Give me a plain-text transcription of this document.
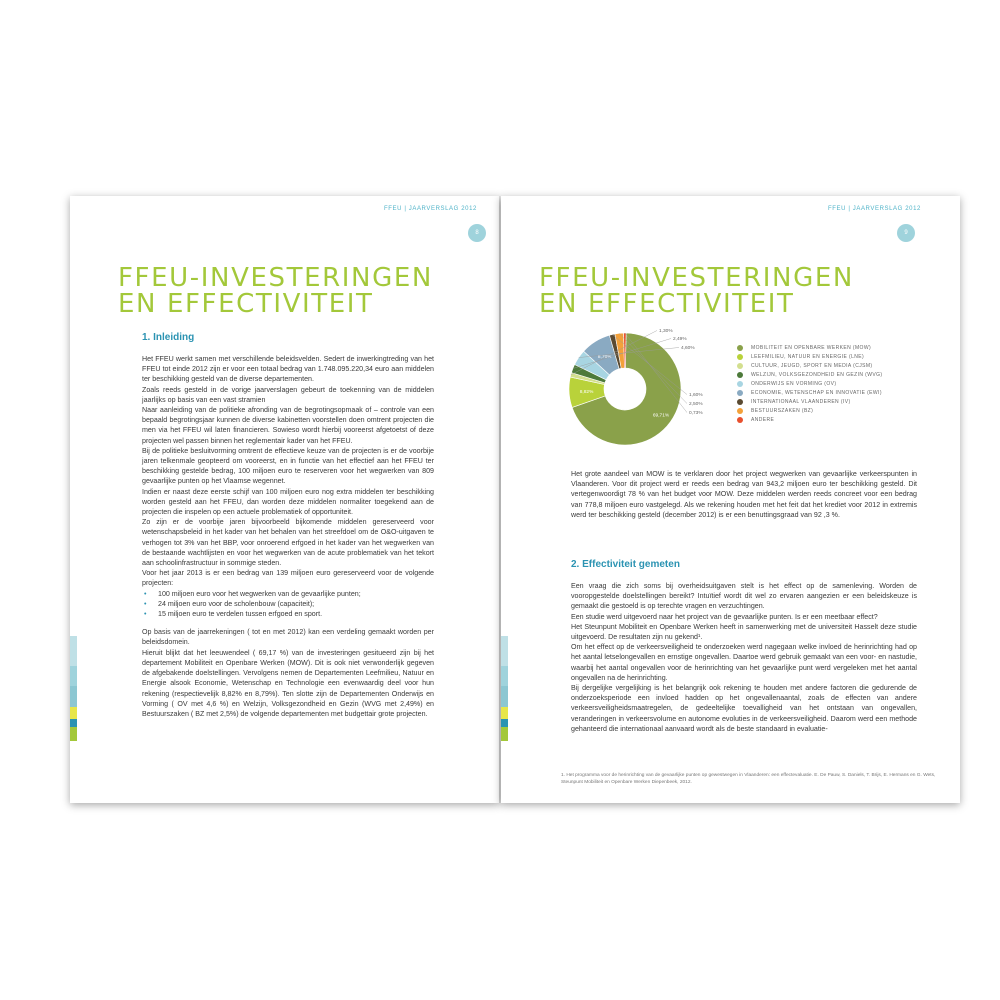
FFEU | JAARVERSLAG 2012
8
FFEU-INVESTERINGEN
EN EFFECTIVITEIT
1. Inleiding

Het FFEU werkt samen met verschillende beleidsvelden. Sedert de inwerkingtreding van het FFEU tot einde 2012 zijn er voor een totaal bedrag van 1.748.095.220,34 euro aan middelen ter beschikking gesteld van de diverse departementen.

Zoals reeds gesteld in de vorige jaarverslagen gebeurt de toekenning van de middelen jaarlijks op basis van een vast stramien

Naar aanleiding van de politieke afronding van de begrotingsopmaak of – controle van een bepaald begrotingsjaar kunnen de diverse kabinetten voorstellen doen omtrent projecten die men via het FFEU wil laten financieren. Sowieso wordt hierbij vooreerst afgetoetst of deze projecten wel passen binnen het reglementair kader van het FFEU.

Bij de politieke besluitvorming omtrent de effectieve keuze van de projecten is er de voorbije jaren telkenmale geopteerd om vooreerst, en in functie van het effectief aan het FFEU ter beschikking gestelde bedrag, 100 miljoen euro te reserveren voor het wegwerken van 809 gevaarlijke punten op het Vlaamse wegennet.

Indien er naast deze eerste schijf van 100 miljoen euro nog extra middelen ter beschikking worden gesteld aan het FFEU, dan worden deze middelen normaliter toegekend aan de projecten die inspelen op een actuele problematiek of opportuniteit.

Zo zijn er de voorbije jaren bijvoorbeeld bijkomende middelen gereserveerd voor wetenschapsbeleid in het kader van het behalen van het streefdoel om de O&O-uitgaven te verhogen tot 3% van het BBP, voor onroerend erfgoed in het kader van het wegwerken van de bestaande wachtlijsten en voor het wegwerken van de acute problematiek van het tekort aan schoolinfrastructuur in sommige steden.

Voor het jaar 2013 is er een bedrag van 139 miljoen euro gereserveerd voor de volgende projecten:

• 100 miljoen euro voor het wegwerken van de gevaarlijke punten;
• 24 miljoen euro voor de scholenbouw (capaciteit);
• 15 miljoen euro te verdelen tussen erfgoed en sport.

Op basis van de jaarrekeningen ( tot en met 2012) kan een verdeling gemaakt worden per beleidsdomein.

Hieruit blijkt dat het leeuwendeel ( 69,17 %) van de investeringen gesitueerd zijn bij het departement Mobiliteit en Openbare Werken (MOW). Dit is ook niet verwonderlijk gegeven de afgebakende doelstellingen. Vervolgens nemen de Departementen Leefmilieu, Natuur en Energie alsook Economie, Wetenschap en Technologie een evenwaardig deel voor hun rekening (respectievelijk 8,82% en 8,79%). Ten slotte zijn de Departementen Onderwijs en Vorming ( OV met 4,6 %) en Welzijn, Volksgezondheid en Gezin (WVG met 2,49%) en Bestuurszaken ( BZ met 2,5%) de volgende departementen met budgettair grote projecten.

FFEU | JAARVERSLAG 2012
9
FFEU-INVESTERINGEN
EN EFFECTIVITEIT
69,71%
8,82%
8,79%
1,30%
2,49%
4,60%
1,60%
2,50%
0,73%
MOBILITEIT EN OPENBARE WERKEN (MOW)
LEEFMILIEU, NATUUR EN ENERGIE (LNE)
CULTUUR, JEUGD, SPORT EN MEDIA (CJSM)
WELZIJN, VOLKSGEZONDHEID EN GEZIN (WVG)
ONDERWIJS EN VORMING (OV)
ECONOMIE, WETENSCHAP EN INNOVATIE (EWI)
INTERNATIONAAL VLAANDEREN (IV)
BESTUURSZAKEN (BZ)
ANDERE

Het grote aandeel van MOW is te verklaren door het project wegwerken van gevaarlijke verkeerspunten in Vlaanderen. Voor dit project werd er reeds een bedrag van 943,2 miljoen euro ter beschikking gesteld. Dit vertegenwoordigt 78 % van het budget voor MOW. Deze middelen werden reeds concreet voor een bedrag van 778,8 miljoen euro vastgelegd. Als we rekening houden met het feit dat het krediet voor 2012 in extremis werd ter beschikking gesteld (december 2012) is er een benuttingsgraad van 92 ,3 %.

2. Effectiviteit gemeten

Een vraag die zich soms bij overheidsuitgaven stelt is het effect op de samenleving. Worden de vooropgestelde doelstellingen bereikt? Intuïtief wordt dit wel zo ervaren aangezien er een beleidskeuze is gemaakt die gestoeld is op terechte vragen en verzuchtingen.

Een studie werd uitgevoerd naar het project van de gevaarlijke punten. Is er een meetbaar effect?

Het Steunpunt Mobiliteit en Openbare Werken heeft in samenwerking met de universiteit Hasselt deze studie uitgevoerd. De resultaten zijn nu gekend¹.

Om het effect op de verkeersveiligheid te onderzoeken werd nagegaan welke invloed de herinrichting had op het aantal letselongevallen en ernstige ongevallen. Daartoe werd gebruik gemaakt van een voor- en nastudie, waarbij het aantal ongevallen voor de herinrichting van het gevaarlijke punt werd vergeleken met het aantal ongevallen na de herinrichting.

Bij dergelijke vergelijking is het belangrijk ook rekening te houden met andere factoren die gedurende de onderzoeksperiode een invloed hadden op het ongevallenaantal, zoals de effecten van andere verkeersveiligheidsmaatregelen, de gedeeltelijke toevalligheid van het ontstaan van ongevallen, veranderingen in verkeersvolume en autonome evoluties in de verkeersveiligheid. Daarom werd een methode gehanteerd die internationaal aanvaard wordt als de beste standaard in evaluatie-

1. Het programma voor de herinrichting van de gevaarlijke punten op gewestwegen in Vlaanderen: een effectevaluatie. E. De Pauw, S. Daniels, T. Brijs, E. Hermans en G. Wets, Steunpunt Mobiliteit en Openbare Werken Diepenbeek, 2012.
